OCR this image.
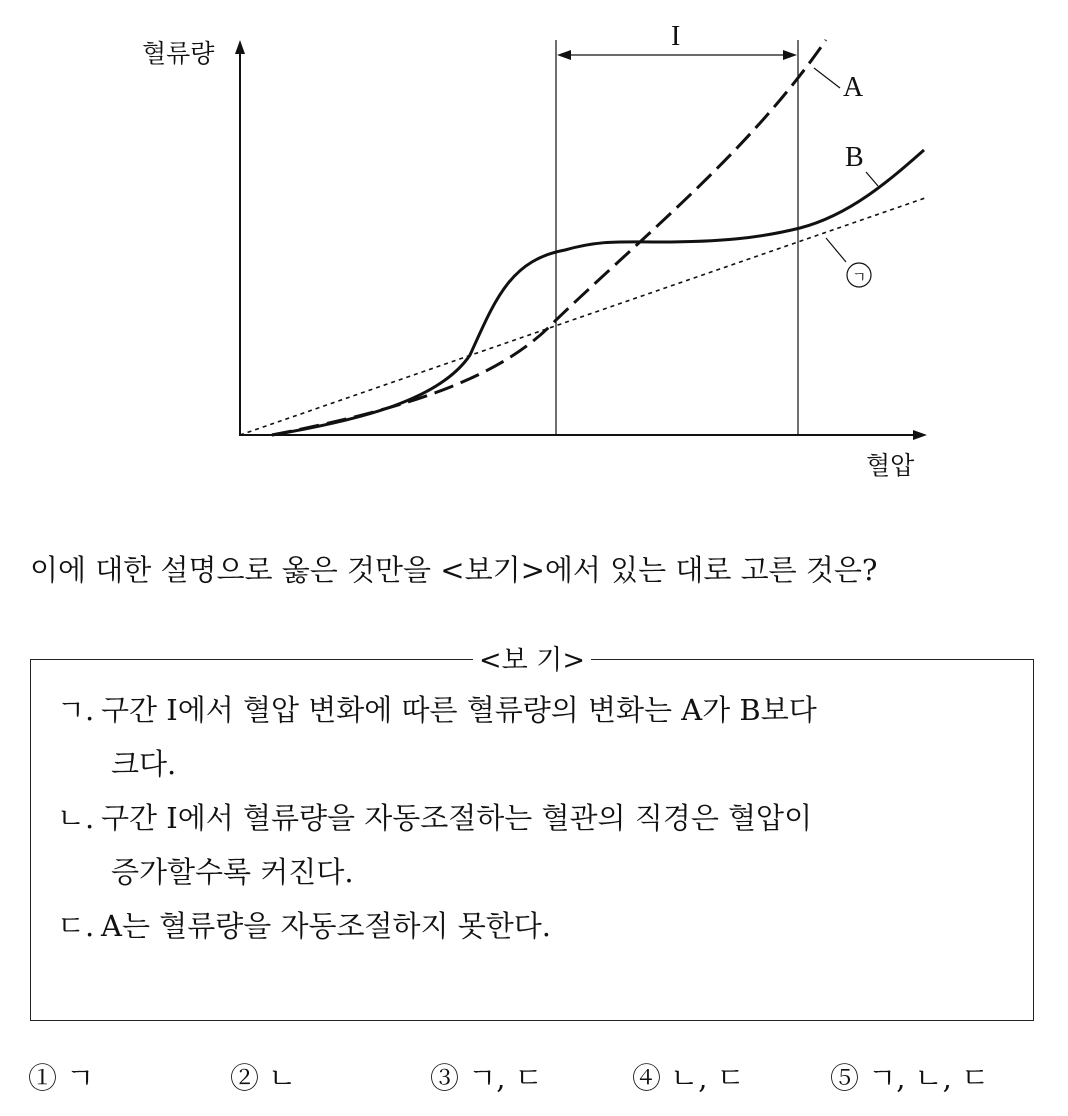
혈류량
혈압
I
A
B
ㄱ
이에 대한 설명으로 옳은 것만을 <보기>에서 있는 대로 고른 것은?
<보 기>
ㄱ. 구간 I에서 혈압 변화에 따른 혈류량의 변화는 A가 B보다
크다.
ㄴ. 구간 I에서 혈류량을 자동조절하는 혈관의 직경은 혈압이
증가할수록 커진다.
ㄷ. A는 혈류량을 자동조절하지 못한다.
① ㄱ	② ㄴ	③ ㄱ, ㄷ	④ ㄴ, ㄷ	⑤ ㄱ, ㄴ, ㄷ
